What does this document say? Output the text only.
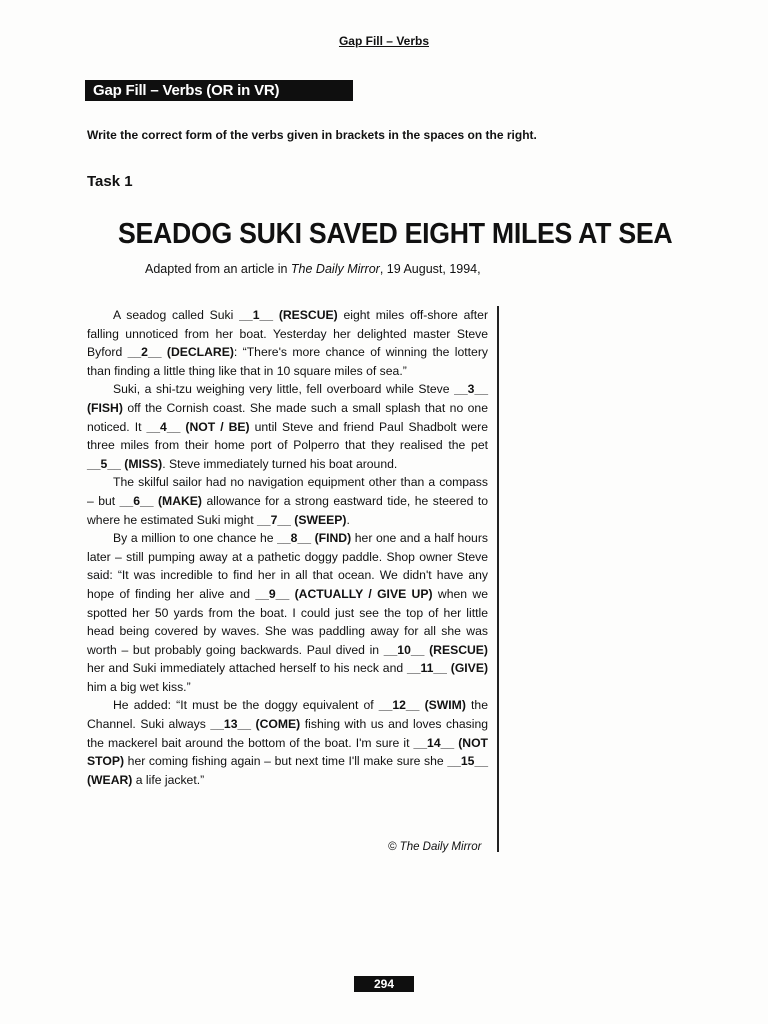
Gap Fill – Verbs
Gap Fill – Verbs (OR in VR)
Write the correct form of the verbs given in brackets in the spaces on the right.
Task 1
SEADOG SUKI SAVED EIGHT MILES AT SEA
Adapted from an article in The Daily Mirror, 19 August, 1994,

A seadog called Suki __1__ (RESCUE) eight miles off-shore after falling unnoticed from her boat. Yesterday her delighted master Steve Byford __2__ (DECLARE): “There's more chance of winning the lottery than finding a little thing like that in 10 square miles of sea.”

Suki, a shi-tzu weighing very little, fell overboard while Steve __3__ (FISH) off the Cornish coast. She made such a small splash that no one noticed. It __4__ (NOT / BE) until Steve and friend Paul Shadbolt were three miles from their home port of Polperro that they realised the pet __5__ (MISS). Steve immediately turned his boat around.

The skilful sailor had no navigation equipment other than a compass – but __6__ (MAKE) allowance for a strong eastward tide, he steered to where he estimated Suki might __7__ (SWEEP).

By a million to one chance he __8__ (FIND) her one and a half hours later – still pumping away at a pathetic doggy paddle. Shop owner Steve said: “It was incredible to find her in all that ocean. We didn't have any hope of finding her alive and __9__ (ACTUALLY / GIVE UP) when we spotted her 50 yards from the boat. I could just see the top of her little head being covered by waves. She was paddling away for all she was worth – but probably going backwards. Paul dived in __10__ (RESCUE) her and Suki immediately attached herself to his neck and __11__ (GIVE) him a big wet kiss.”

He added: “It must be the doggy equivalent of __12__ (SWIM) the Channel. Suki always __13__ (COME) fishing with us and loves chasing the mackerel bait around the bottom of the boat. I'm sure it __14__ (NOT STOP) her coming fishing again – but next time I'll make sure she __15__ (WEAR) a life jacket.”

© The Daily Mirror
294
